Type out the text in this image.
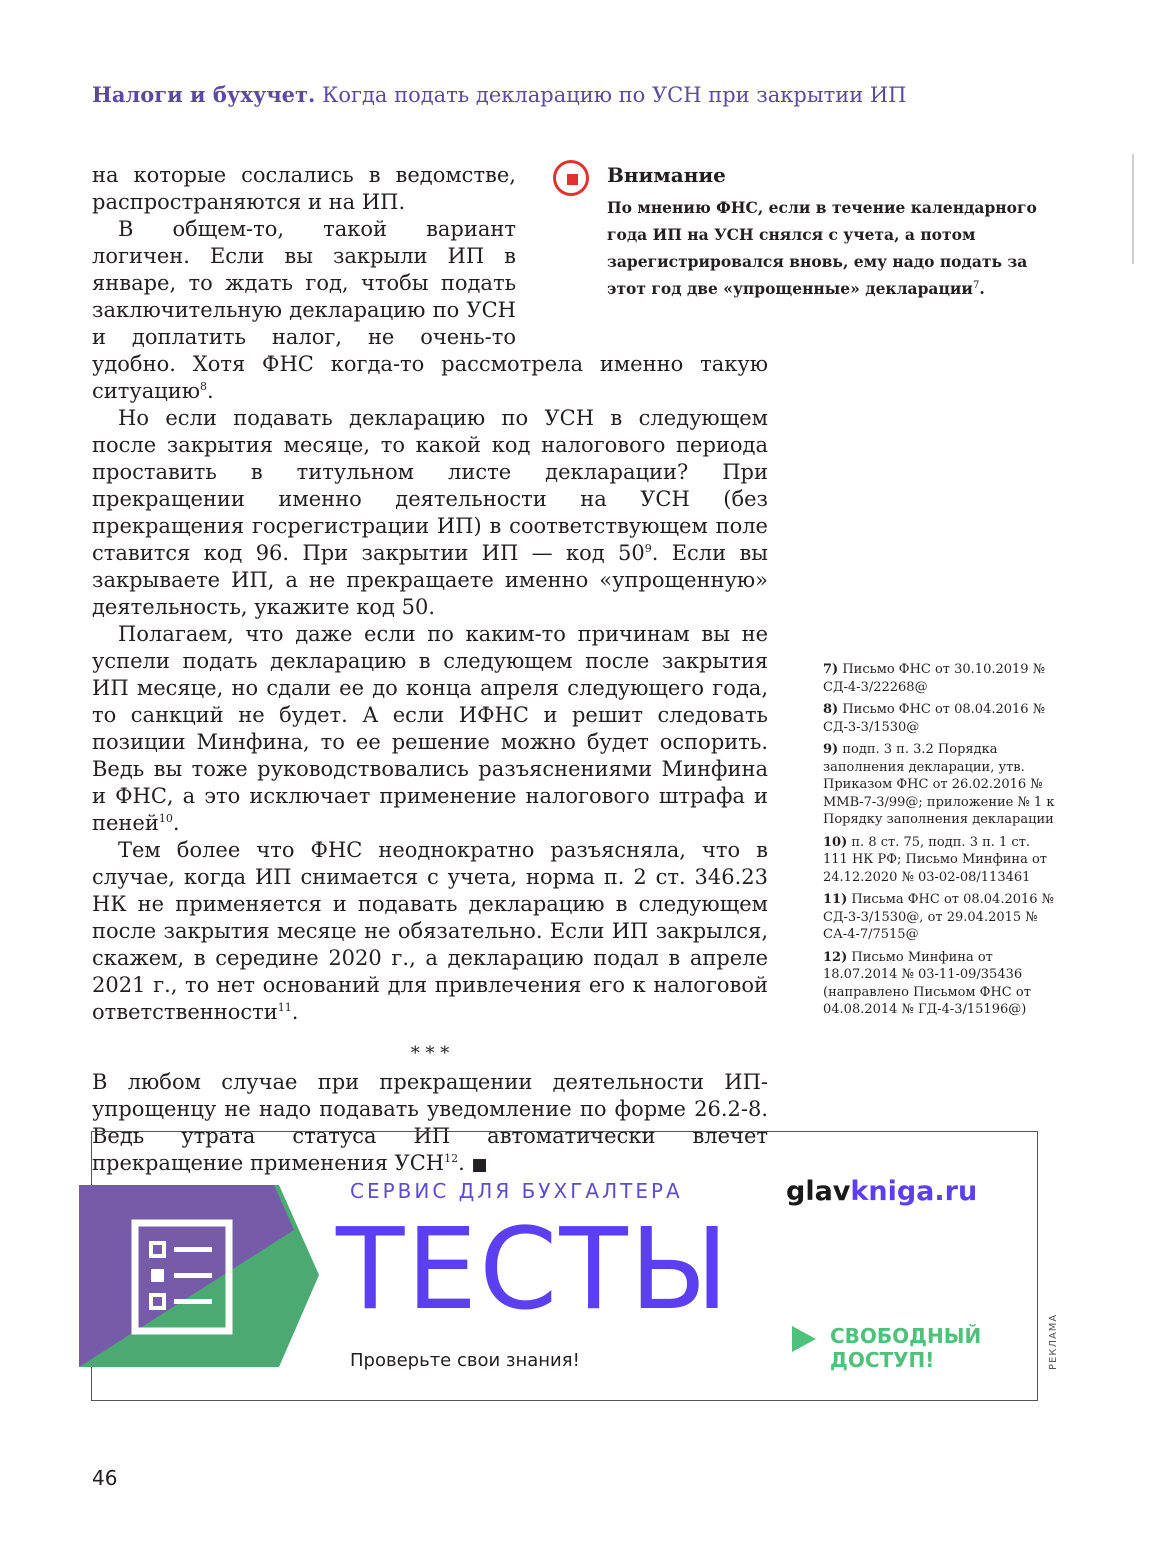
Налоги и бухучет. Когда подать декларацию по УСН при закрытии ИП
Внимание
По мнению ФНС, если в течение календарного года ИП на УСН снялся с учета, а потом зарегистрировался вновь, ему надо подать за этот год две «упрощенные» декларации$^7$.

на которые сослались в ведомстве, распространяются и на ИП.

В общем-то, такой вариант логичен. Если вы закрыли ИП в январе, то ждать год, чтобы подать заключительную декларацию по УСН и доплатить налог, не очень-то удобно. Хотя ФНС когда-то рассмотрела именно такую ситуацию$^8$.

Но если подавать декларацию по УСН в следующем после закрытия месяце, то какой код налогового периода проставить в титульном листе декларации? При прекращении именно деятельности на УСН (без прекращения госрегистрации ИП) в соответствующем поле ставится код 96. При закрытии ИП — код $50^9$. Если вы закрываете ИП, а не прекращаете именно «упрощенную» деятельность, укажите код 50.

Полагаем, что даже если по каким-то причинам вы не успели подать декларацию в следующем после закрытия ИП месяце, но сдали ее до конца апреля следующего года, то санкций не будет. А если ИФНС и решит следовать позиции Минфина, то ее решение можно будет оспорить. Ведь вы тоже руководствовались разъяснениями Минфина и ФНС, а это исключает применение налогового штрафа и пеней$^{10}$.

Тем более что ФНС неоднократно разъясняла, что в случае, когда ИП снимается с учета, норма п. 2 ст. 346.23 НК не применяется и подавать декларацию в следующем после закрытия месяце не обязательно. Если ИП закрылся, скажем, в середине 2020 г., а декларацию подал в апреле 2021 г., то нет оснований для привлечения его к налоговой ответственности$^{11}$.

* * *

В любом случае при прекращении деятельности ИП-упрощенцу не надо подавать уведомление по форме 26.2-8. Ведь утрата статуса ИП автоматически влечет прекращение применения УСН$^{12}$. ■

7) Письмо ФНС от 30.10.2019 № СД-4-3/22268@
8) Письмо ФНС от 08.04.2016 № СД-3-3/1530@
9) подп. 3 п. 3.2 Порядка заполнения декларации, утв. Приказом ФНС от 26.02.2016 № ММВ-7-3/99@; приложение № 1 к Порядку заполнения декларации
10) п. 8 ст. 75, подп. 3 п. 1 ст. 111 НК РФ; Письмо Минфина от 24.12.2020 № 03-02-08/113461
11) Письма ФНС от 08.04.2016 № СД-3-3/1530@, от 29.04.2015 № СА-4-7/7515@
12) Письмо Минфина от 18.07.2014 № 03-11-09/35436 (направлено Письмом ФНС от 04.08.2014 № ГД-4-3/15196@)
СЕРВИС ДЛЯ БУХГАЛТЕРА	glavkniga.ru
ТЕСТЫ
Проверьте свои знания!
СВОБОДНЫЙ
ДОСТУП!	РЕКЛАМА
46
